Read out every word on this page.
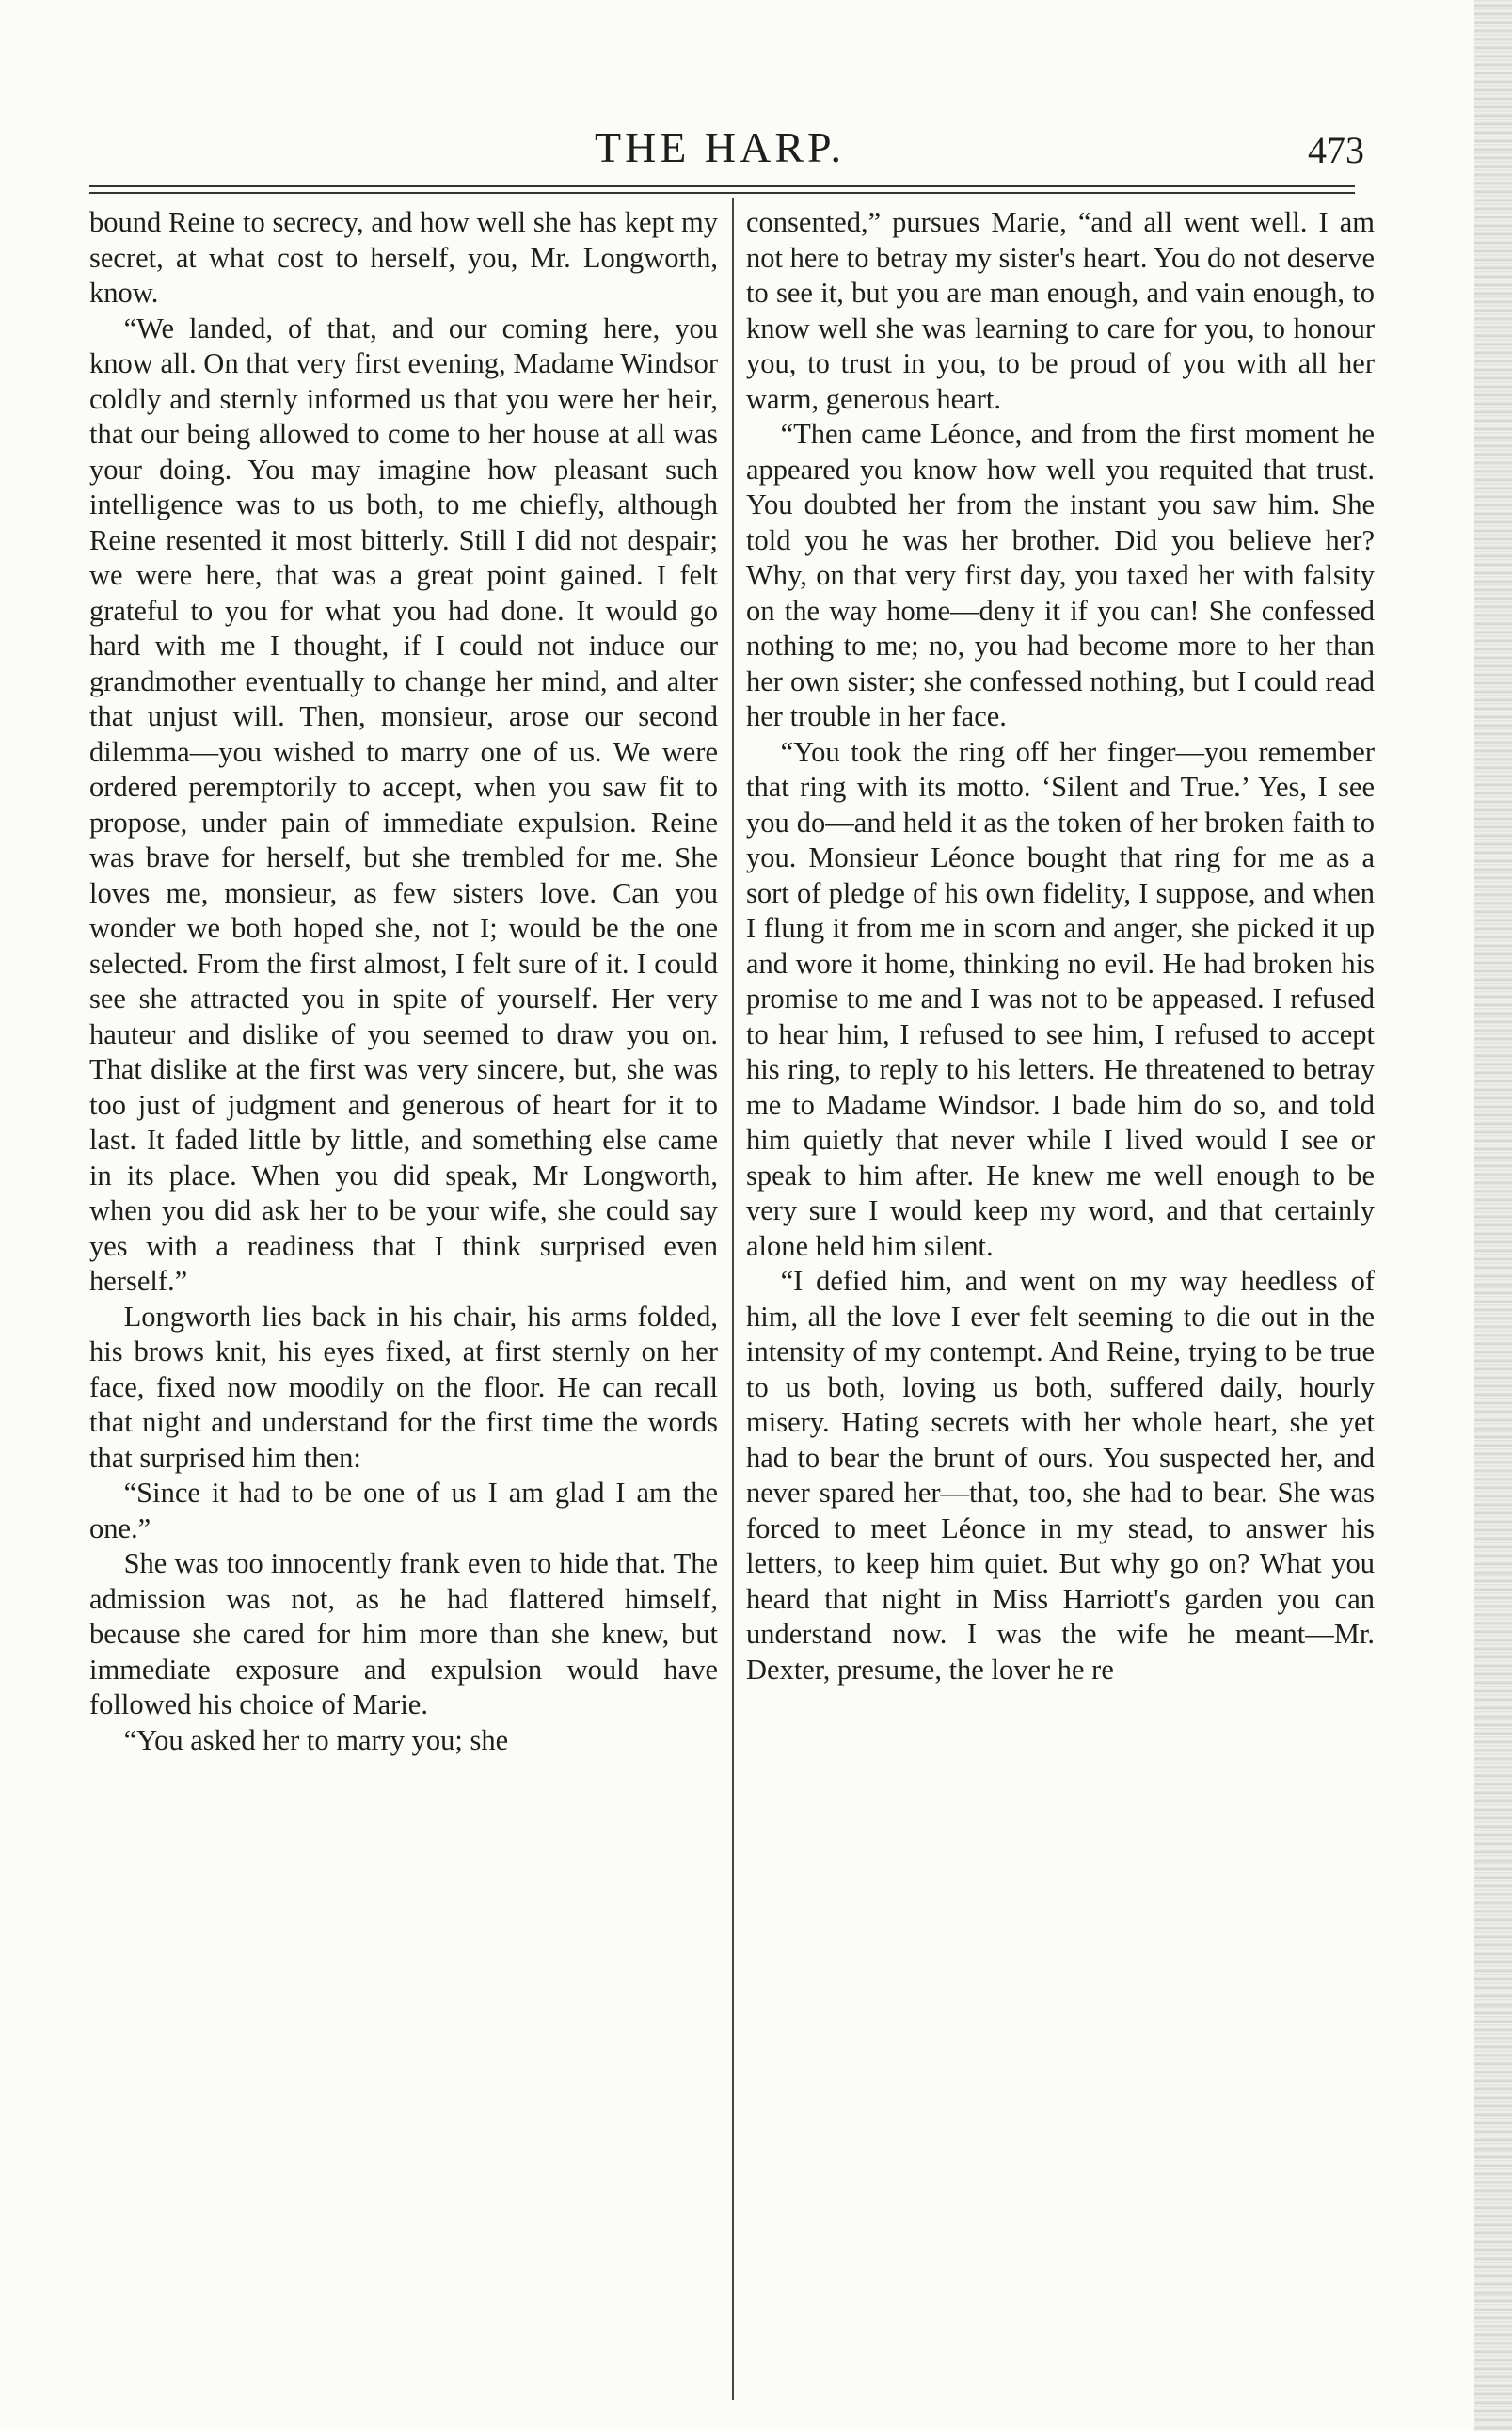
THE HARP.	473

bound Reine to secrecy, and how well she has kept my secret, at what cost to herself, you, Mr. Longworth, know.

“We landed, of that, and our coming here, you know all. On that very first evening, Madame Windsor coldly and sternly informed us that you were her heir, that our being allowed to come to her house at all was your doing. You may imagine how pleasant such intelligence was to us both, to me chiefly, although Reine resented it most bitterly. Still I did not despair; we were here, that was a great point gained. I felt grateful to you for what you had done. It would go hard with me I thought, if I could not induce our grandmother eventually to change her mind, and alter that unjust will. Then, monsieur, arose our second dilemma—you wished to marry one of us. We were ordered peremptorily to accept, when you saw fit to propose, under pain of immediate expulsion. Reine was brave for herself, but she trembled for me. She loves me, monsieur, as few sisters love. Can you wonder we both hoped she, not I; would be the one selected. From the first almost, I felt sure of it. I could see she attracted you in spite of yourself. Her very hauteur and dislike of you seemed to draw you on. That dislike at the first was very sincere, but, she was too just of judgment and generous of heart for it to last. It faded little by little, and something else came in its place. When you did speak, Mr Longworth, when you did ask her to be your wife, she could say yes with a readiness that I think surprised even herself.”

Longworth lies back in his chair, his arms folded, his brows knit, his eyes fixed, at first sternly on her face, fixed now moodily on the floor. He can recall that night and understand for the first time the words that surprised him then:

“Since it had to be one of us I am glad I am the one.”

She was too innocently frank even to hide that. The admission was not, as he had flattered himself, because she cared for him more than she knew, but immediate exposure and expulsion would have followed his choice of Marie.

“You asked her to marry you; she

consented,” pursues Marie, “and all went well. I am not here to betray my sister's heart. You do not deserve to see it, but you are man enough, and vain enough, to know well she was learning to care for you, to honour you, to trust in you, to be proud of you with all her warm, generous heart.

“Then came Léonce, and from the first moment he appeared you know how well you requited that trust. You doubted her from the instant you saw him. She told you he was her brother. Did you believe her? Why, on that very first day, you taxed her with falsity on the way home—deny it if you can! She confessed nothing to me; no, you had become more to her than her own sister; she confessed nothing, but I could read her trouble in her face.

“You took the ring off her finger—you remember that ring with its motto. ‘Silent and True.’ Yes, I see you do—and held it as the token of her broken faith to you. Monsieur Léonce bought that ring for me as a sort of pledge of his own fidelity, I suppose, and when I flung it from me in scorn and anger, she picked it up and wore it home, thinking no evil. He had broken his promise to me and I was not to be appeased. I refused to hear him, I refused to see him, I refused to accept his ring, to reply to his letters. He threatened to betray me to Madame Windsor. I bade him do so, and told him quietly that never while I lived would I see or speak to him after. He knew me well enough to be very sure I would keep my word, and that certainly alone held him silent.

“I defied him, and went on my way heedless of him, all the love I ever felt seeming to die out in the intensity of my contempt. And Reine, trying to be true to us both, loving us both, suffered daily, hourly misery. Hating secrets with her whole heart, she yet had to bear the brunt of ours. You suspected her, and never spared her—that, too, she had to bear. She was forced to meet Léonce in my stead, to answer his letters, to keep him quiet. But why go on? What you heard that night in Miss Harriott's garden you can understand now. I was the wife he meant—Mr. Dexter, presume, the lover he re
